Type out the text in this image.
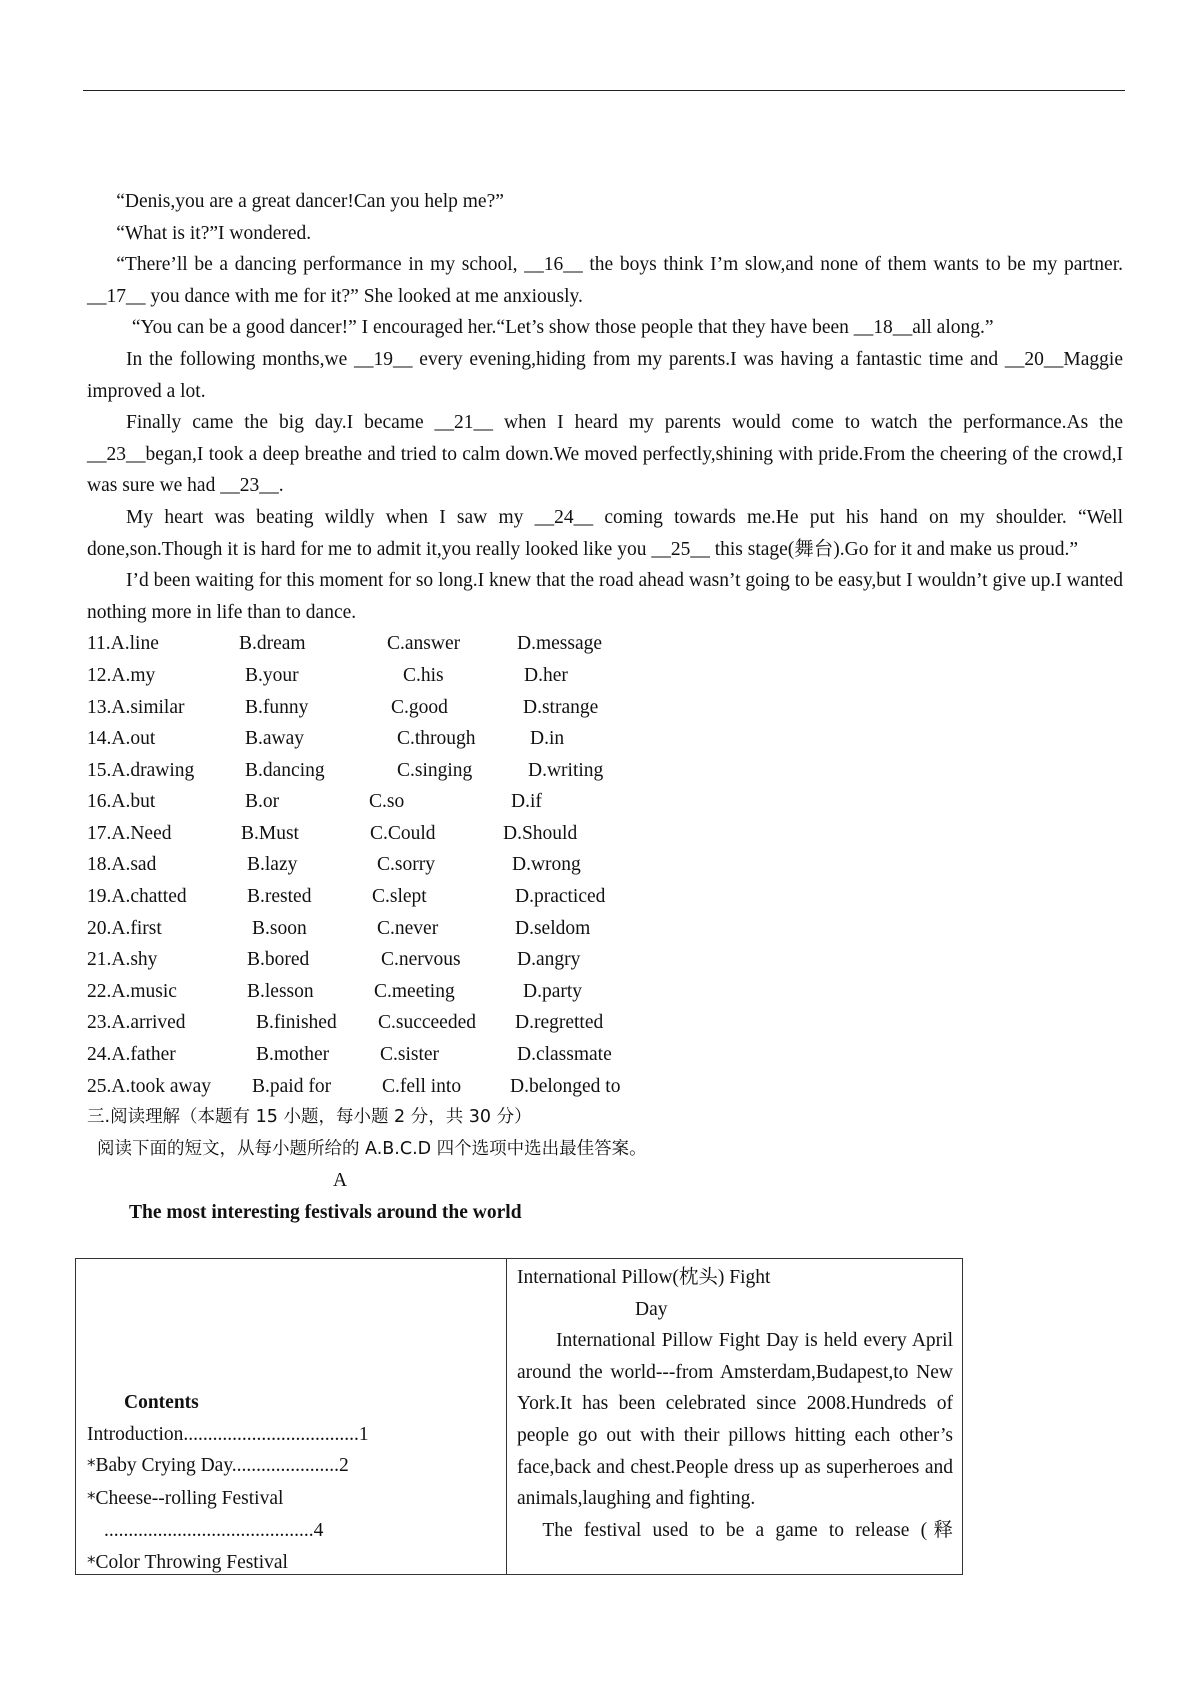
“Denis,you are a great dancer!Can you help me?”

“What is it?”I wondered.

“There’ll be a dancing performance in my school, __16__ the boys think I’m slow,and none of them wants to be my partner. __17__ you dance with me for it?” She looked at me anxiously.

“You can be a good dancer!” I encouraged her.“Let’s show those people that they have been __18__all along.”

In the following months,we __19__ every evening,hiding from my parents.I was having a fantastic time and __20__Maggie improved a lot.

Finally came the big day.I became __21__ when I heard my parents would come to watch the performance.As the __23__began,I took a deep breathe and tried to calm down.We moved perfectly,shining with pride.From the cheering of the crowd,I was sure we had __23__.

My heart was beating wildly when I saw my __24__ coming towards me.He put his hand on my shoulder. “Well done,son.Though it is hard for me to admit it,you really looked like you __25__ this stage(舞台).Go for it and make us proud.”

I’d been waiting for this moment for so long.I knew that the road ahead wasn’t going to be easy,but I wouldn’t give up.I wanted nothing more in life than to dance.

11.A.line	B.dream	C.answer	D.message
12.A.my	B.your	C.his	D.her
13.A.similar	B.funny	C.good	D.strange
14.A.out	B.away	C.through	D.in
15.A.drawing	B.dancing	C.singing	D.writing
16.A.but	B.or	C.so	D.if
17.A.Need	B.Must	C.Could	D.Should
18.A.sad	B.lazy	C.sorry	D.wrong
19.A.chatted	B.rested	C.slept	D.practiced
20.A.first	B.soon	C.never	D.seldom
21.A.shy	B.bored	C.nervous	D.angry
22.A.music	B.lesson	C.meeting	D.party
23.A.arrived	B.finished C.succeeded D.regretted
24.A.father	B.mother	C.sister	D.classmate
25.A.took away B.paid for	C.fell into	D.belonged to
三.阅读理解（本题有 15 小题，每小题 2 分，共 30 分）
阅读下面的短文，从每小题所给的 A.B.C.D 四个选项中选出最佳答案。
A
The most interesting festivals around the world
Contents
Introduction....................................1
*Baby Crying Day......................2
*Cheese--rolling Festival
...........................................4
*Color Throwing Festival
International Pillow(枕头) Fight
Day
International Pillow Fight Day is held every April around the world---from Amsterdam,Budapest,to New York.It has been celebrated since 2008.Hundreds of people go out with their pillows hitting each other’s face,back and chest.People dress up as superheroes and animals,laughing and fighting.
The festival used to be a game to release (释
